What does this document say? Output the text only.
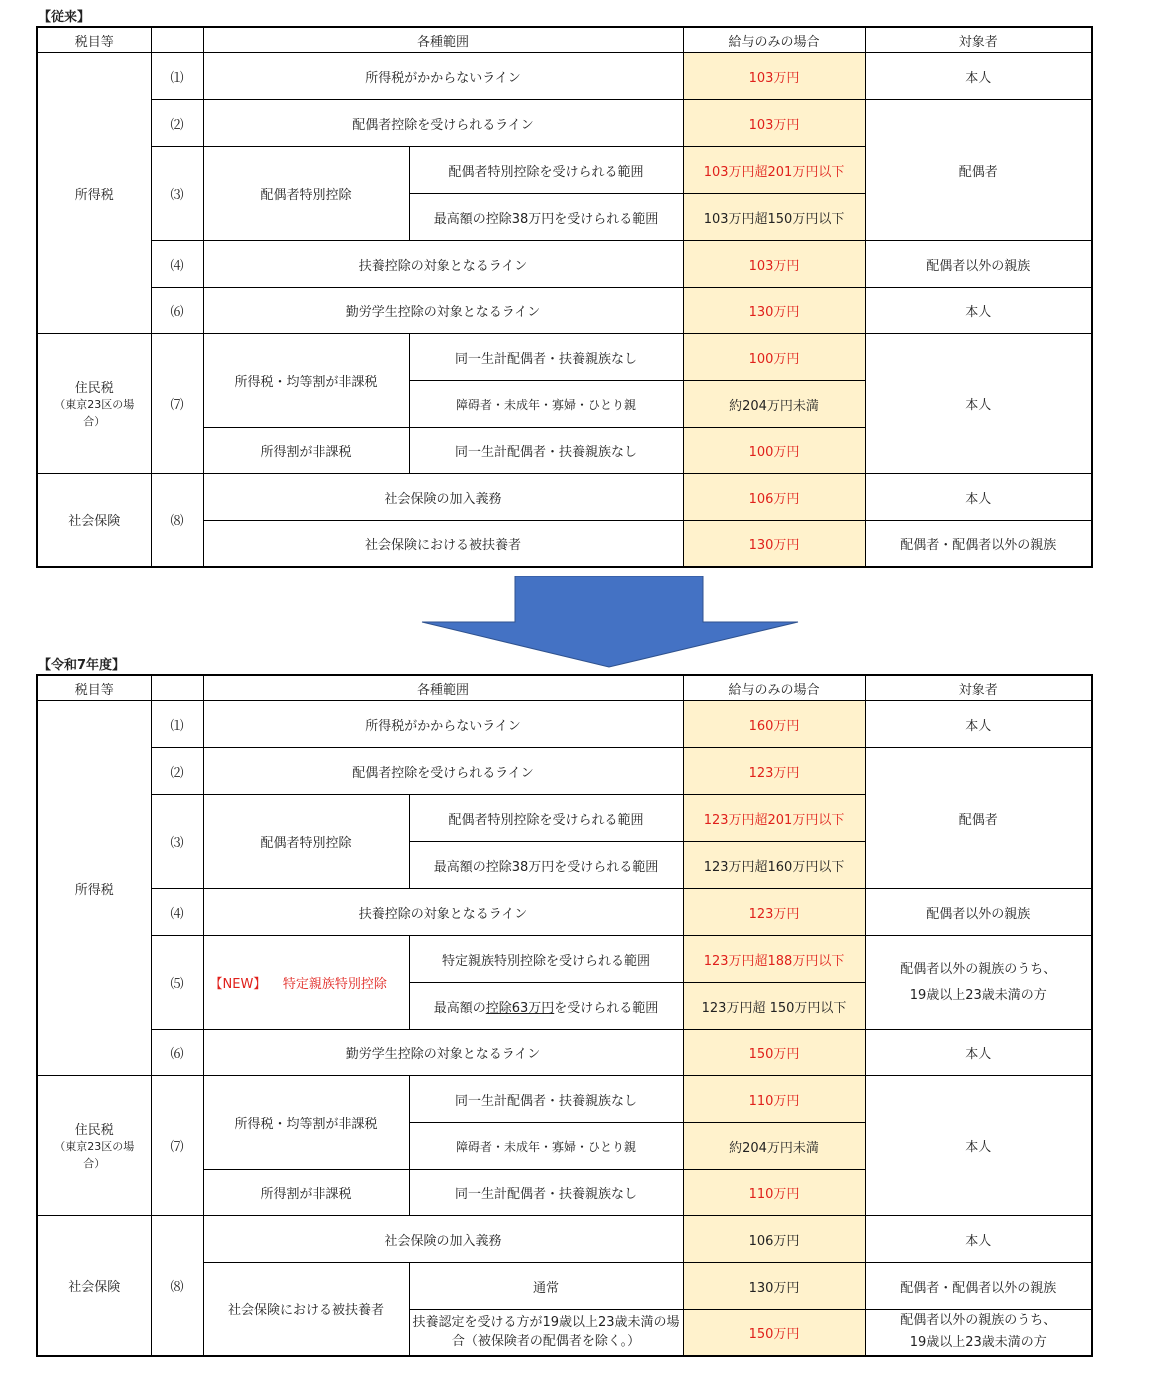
【従来】
税目等		各種範囲		給与のみの場合	対象者
所得税	⑴	所得税がかからないライン		103万円	本人
	⑵	配偶者控除を受けられるライン		103万円	配偶者
	⑶	配偶者特別控除	配偶者特別控除を受けられる範囲	103万円超201万円以下	
			最高額の控除38万円を受けられる範囲	103万円超150万円以下	
	⑷	扶養控除の対象となるライン		103万円	配偶者以外の親族
	⑹	勤労学生控除の対象となるライン		130万円	本人
住民税
（東京23区の場合）	⑺	所得税・均等割が非課税	同一生計配偶者・扶養親族なし	100万円	本人
			障碍者・未成年・寡婦・ひとり親	約204万円未満	
		所得割が非課税	同一生計配偶者・扶養親族なし	100万円	
社会保険	⑻	社会保険の加入義務		106万円	本人
		社会保険における被扶養者		130万円	配偶者・配偶者以外の親族
【令和7年度】
税目等		各種範囲		給与のみの場合	対象者
所得税	⑴	所得税がかからないライン		160万円	本人
	⑵	配偶者控除を受けられるライン		123万円	配偶者
	⑶	配偶者特別控除	配偶者特別控除を受けられる範囲	123万円超201万円以下	
			最高額の控除38万円を受けられる範囲	123万円超160万円以下	
	⑷	扶養控除の対象となるライン		123万円	配偶者以外の親族
	⑸	【NEW】 特定親族特別控除	特定親族特別控除を受けられる範囲	123万円超188万円以下	配偶者以外の親族のうち、
19歳以上23歳未満の方
			最高額の控除63万円を受けられる範囲	123万円超 150万円以下	
	⑹	勤労学生控除の対象となるライン		150万円	本人
住民税
（東京23区の場合）	⑺	所得税・均等割が非課税	同一生計配偶者・扶養親族なし	110万円	本人
			障碍者・未成年・寡婦・ひとり親	約204万円未満	
		所得割が非課税	同一生計配偶者・扶養親族なし	110万円	
社会保険	⑻	社会保険の加入義務		106万円	本人
		社会保険における被扶養者	通常	130万円	配偶者・配偶者以外の親族
			扶養認定を受ける方が19歳以上23歳未満の場合（被保険者の配偶者を除く。）	150万円	配偶者以外の親族のうち、
19歳以上23歳未満の方
